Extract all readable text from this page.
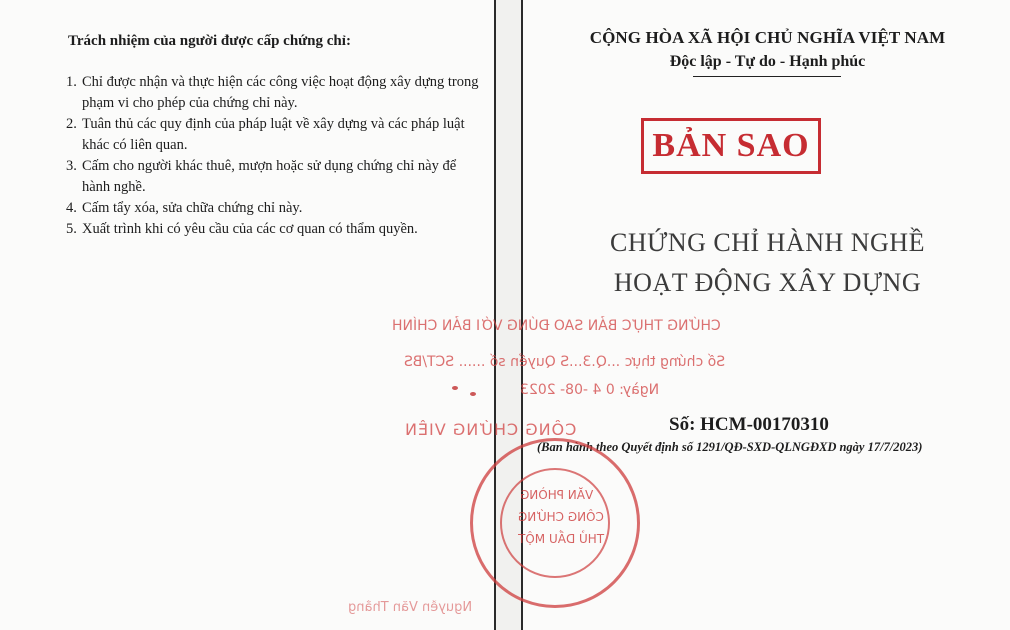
Trách nhiệm của người được cấp chứng chỉ:
1. Chỉ được nhận và thực hiện các công việc hoạt động xây dựng trong phạm vi cho phép của chứng chỉ này.
2. Tuân thủ các quy định của pháp luật về xây dựng và các pháp luật khác có liên quan.
3. Cấm cho người khác thuê, mượn hoặc sử dụng chứng chỉ này để hành nghề.
4. Cấm tẩy xóa, sửa chữa chứng chỉ này.
5. Xuất trình khi có yêu cầu của các cơ quan có thẩm quyền.
CỘNG HÒA XÃ HỘI CHỦ NGHĨA VIỆT NAM
Độc lập - Tự do - Hạnh phúc
BẢN SAO
CHỨNG CHỈ HÀNH NGHỀ
HOẠT ĐỘNG XÂY DỰNG
Số: HCM-00170310
(Ban hành theo Quyết định số 1291/QĐ-SXD-QLNGĐXD ngày 17/7/2023)
CHỨNG THỰC BẢN SAO ĐÚNG VỚI BẢN CHÍNH
Số chứng thực ...Q.3...S Quyển số ...... SCT/BS
Ngày: 0 4 -08- 2023
CÔNG CHỨNG VIÊN
VĂN PHÒNG
CÔNG CHỨNG
THỦ DẦU MỘT
Nguyễn Văn Thắng
